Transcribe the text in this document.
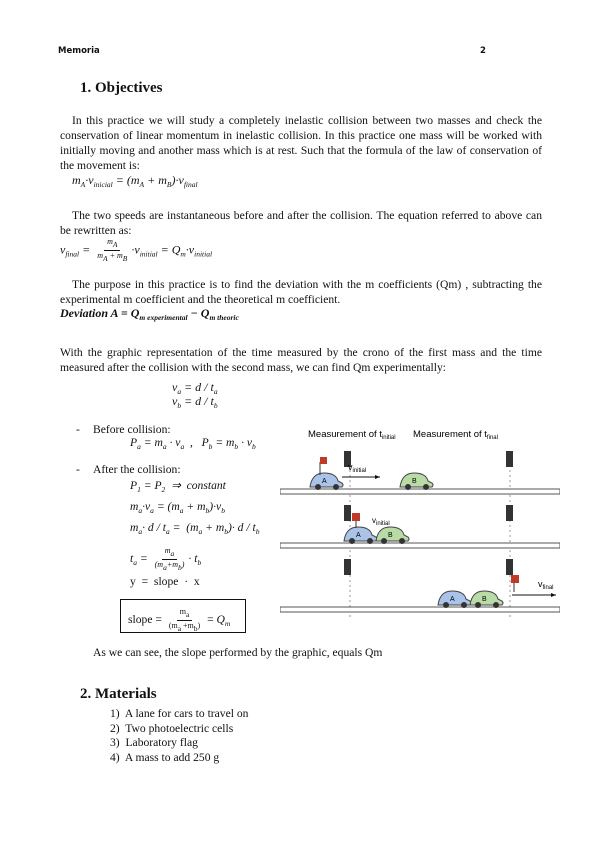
Memoria	2
1. Objectives
In this practice we will study a completely inelastic collision between two masses and check the conservation of linear momentum in inelastic collision. In this practice one mass will be worked with initially moving and another mass which is at rest. Such that the formula of the law of conservation of the movement is:
$m_A\cdot v_{inicial} = (m_A + m_B)\cdot v_{final}$
The two speeds are instantaneous before and after the collision. The equation referred to above can be rewritten as:
$v_{final} = \frac{m_A}{m_A + m_B} \cdot v_{initial} = Q_m\cdot v_{initial}$
The purpose in this practice is to find the deviation with the m coefficients (Qm) , subtracting the experimental m coefficient and the theoretical m coefficient.
Deviation $A = Q_{m experimental} - Q_{m theoric}$
With the graphic representation of the time measured by the crono of the first mass and the time measured after the collision with the second mass, we can find Qm experimentally:
$v_a = d / t_a$
$v_b = d / t_b$
- Before collision:
$P_a = m_a \cdot v_a$  ,   $P_b = m_b \cdot v_b$
- After the collision:
$P_1 = P_2$  ⇒  constant
$m_a\cdot v_a = (m_a + m_b)\cdot v_b$
$m_a\cdot d / t_a = (m_a + m_b)\cdot d / t_b$
$t_a = \frac{m_a}{(m_a+m_b)} \cdot t_b$
y  =  slope  ·  x
slope = $\frac{m_a}{(m_a +m_b)} = Q_m$
As we can see, the slope performed by the graphic, equals Qm
Measurement of $t_{initial}$ Measurement of $t_{final}$
A
$v_{initial}$
B
A
$v_{initial}$
B
A	B
$v_{final}$
2. Materials
1)  A lane for cars to travel on
2)  Two photoelectric cells
3)  Laboratory flag
4)  A mass to add 250 g
